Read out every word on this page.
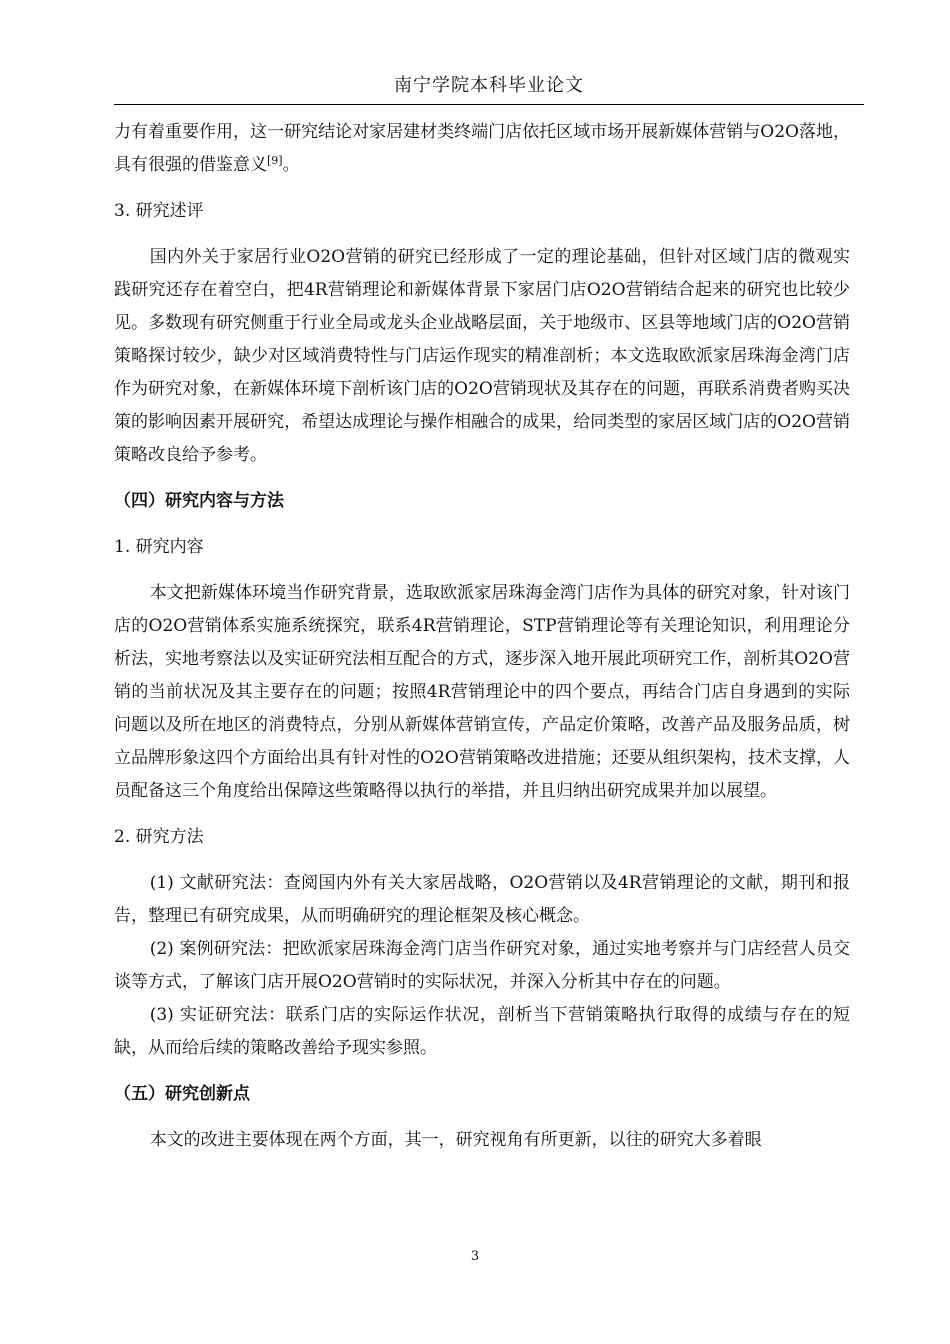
南宁学院本科毕业论文

力有着重要作用，这一研究结论对家居建材类终端门店依托区域市场开展新媒体营销与O2O落地，具有很强的借鉴意义[9]。

3. 研究述评

国内外关于家居行业O2O营销的研究已经形成了一定的理论基础，但针对区域门店的微观实践研究还存在着空白，把4R营销理论和新媒体背景下家居门店O2O营销结合起来的研究也比较少见。多数现有研究侧重于行业全局或龙头企业战略层面，关于地级市、区县等地域门店的O2O营销策略探讨较少，缺少对区域消费特性与门店运作现实的精准剖析；本文选取欧派家居珠海金湾门店作为研究对象，在新媒体环境下剖析该门店的O2O营销现状及其存在的问题，再联系消费者购买决策的影响因素开展研究，希望达成理论与操作相融合的成果，给同类型的家居区域门店的O2O营销策略改良给予参考。

（四）研究内容与方法

1. 研究内容

本文把新媒体环境当作研究背景，选取欧派家居珠海金湾门店作为具体的研究对象，针对该门店的O2O营销体系实施系统探究，联系4R营销理论，STP营销理论等有关理论知识，利用理论分析法，实地考察法以及实证研究法相互配合的方式，逐步深入地开展此项研究工作，剖析其O2O营销的当前状况及其主要存在的问题；按照4R营销理论中的四个要点，再结合门店自身遇到的实际问题以及所在地区的消费特点，分别从新媒体营销宣传，产品定价策略，改善产品及服务品质，树立品牌形象这四个方面给出具有针对性的O2O营销策略改进措施；还要从组织架构，技术支撑，人员配备这三个角度给出保障这些策略得以执行的举措，并且归纳出研究成果并加以展望。

2. 研究方法

(1) 文献研究法：查阅国内外有关大家居战略，O2O营销以及4R营销理论的文献，期刊和报告，整理已有研究成果，从而明确研究的理论框架及核心概念。

(2) 案例研究法：把欧派家居珠海金湾门店当作研究对象，通过实地考察并与门店经营人员交谈等方式，了解该门店开展O2O营销时的实际状况，并深入分析其中存在的问题。

(3) 实证研究法：联系门店的实际运作状况，剖析当下营销策略执行取得的成绩与存在的短缺，从而给后续的策略改善给予现实参照。

（五）研究创新点

本文的改进主要体现在两个方面，其一，研究视角有所更新，以往的研究大多着眼

3
